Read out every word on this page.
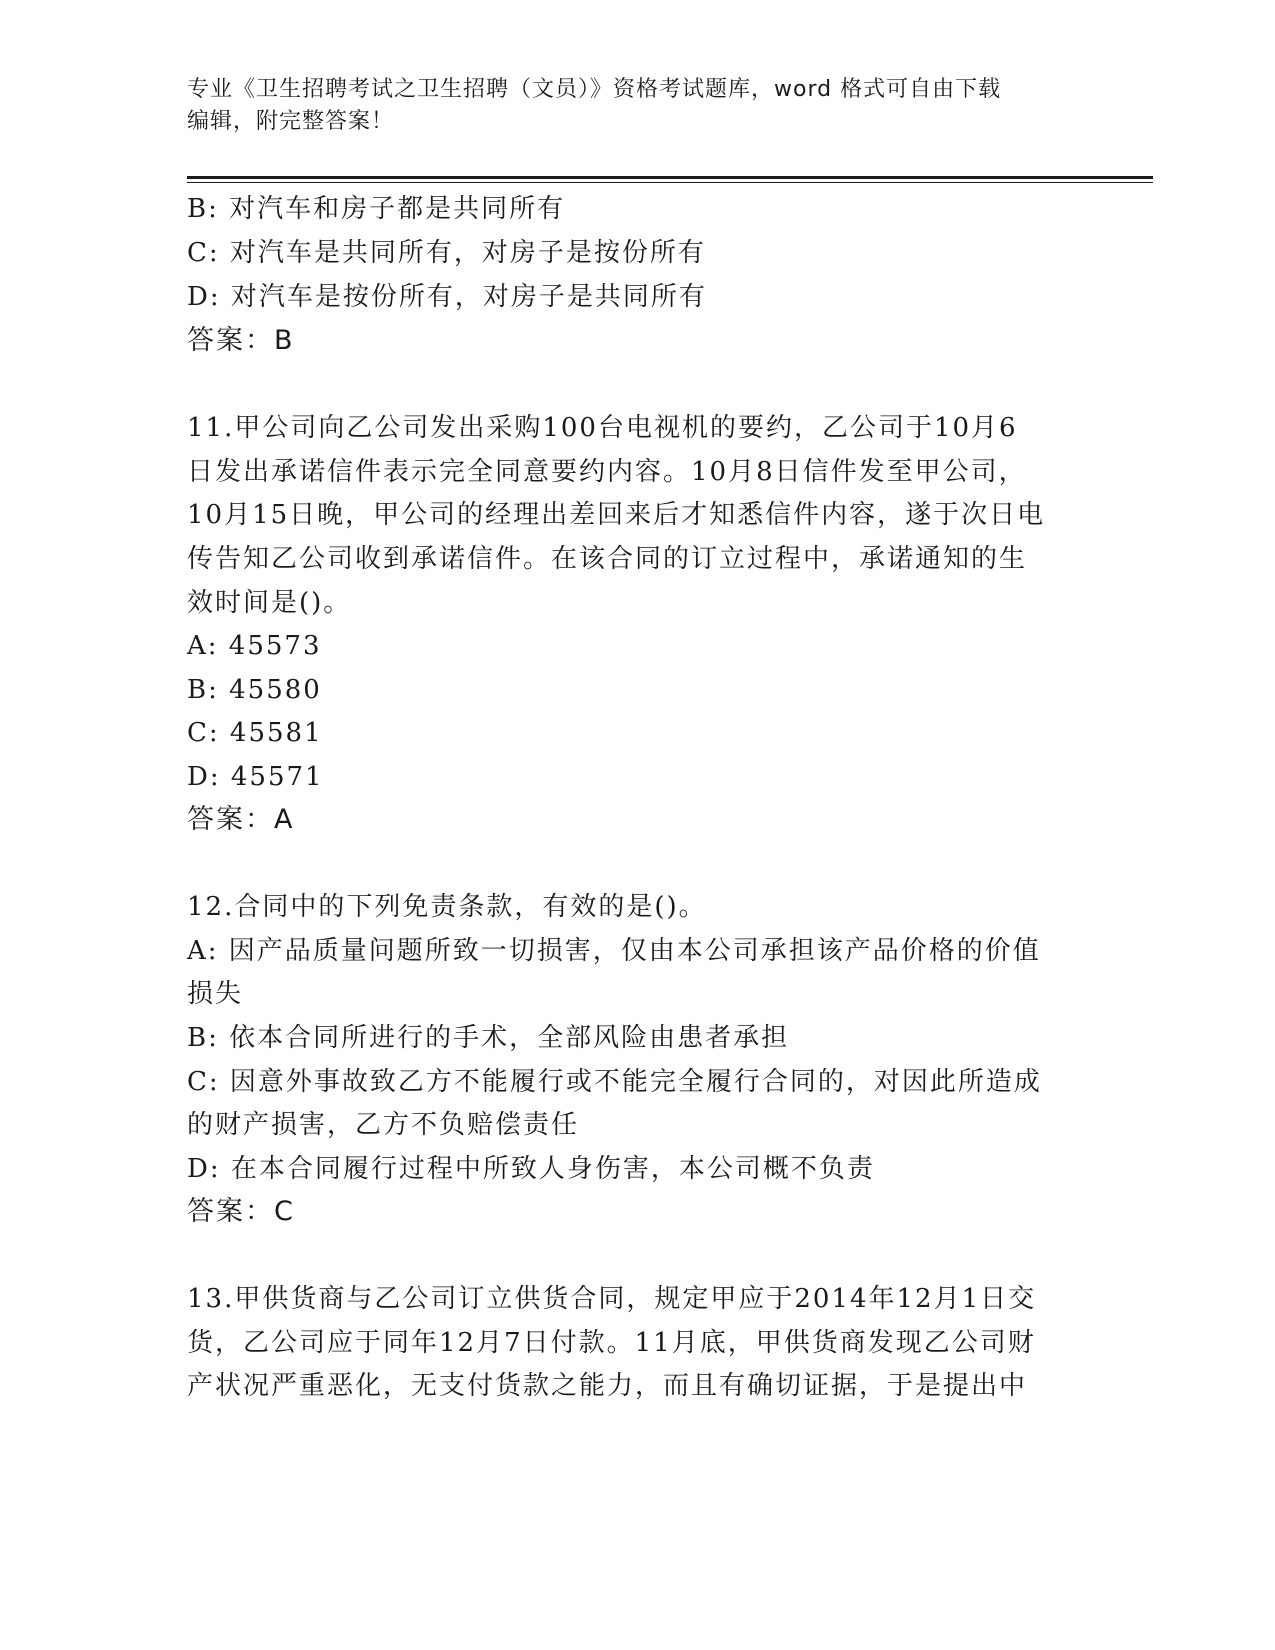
专业《卫生招聘考试之卫生招聘（文员）》资格考试题库，word 格式可自由下载
编辑，附完整答案！
B: 对汽车和房子都是共同所有
C: 对汽车是共同所有，对房子是按份所有
D: 对汽车是按份所有，对房子是共同所有
答案：B
11.甲公司向乙公司发出采购100台电视机的要约，乙公司于10月6
日发出承诺信件表示完全同意要约内容。10月8日信件发至甲公司，
10月15日晚，甲公司的经理出差回来后才知悉信件内容，遂于次日电
传告知乙公司收到承诺信件。在该合同的订立过程中，承诺通知的生
效时间是()。
A: 45573
B: 45580
C: 45581
D: 45571
答案：A
12.合同中的下列免责条款，有效的是()。
A: 因产品质量问题所致一切损害，仅由本公司承担该产品价格的价值
损失
B: 依本合同所进行的手术，全部风险由患者承担
C: 因意外事故致乙方不能履行或不能完全履行合同的，对因此所造成
的财产损害，乙方不负赔偿责任
D: 在本合同履行过程中所致人身伤害，本公司概不负责
答案：C
13.甲供货商与乙公司订立供货合同，规定甲应于2014年12月1日交
货，乙公司应于同年12月7日付款。11月底，甲供货商发现乙公司财
产状况严重恶化，无支付货款之能力，而且有确切证据，于是提出中
